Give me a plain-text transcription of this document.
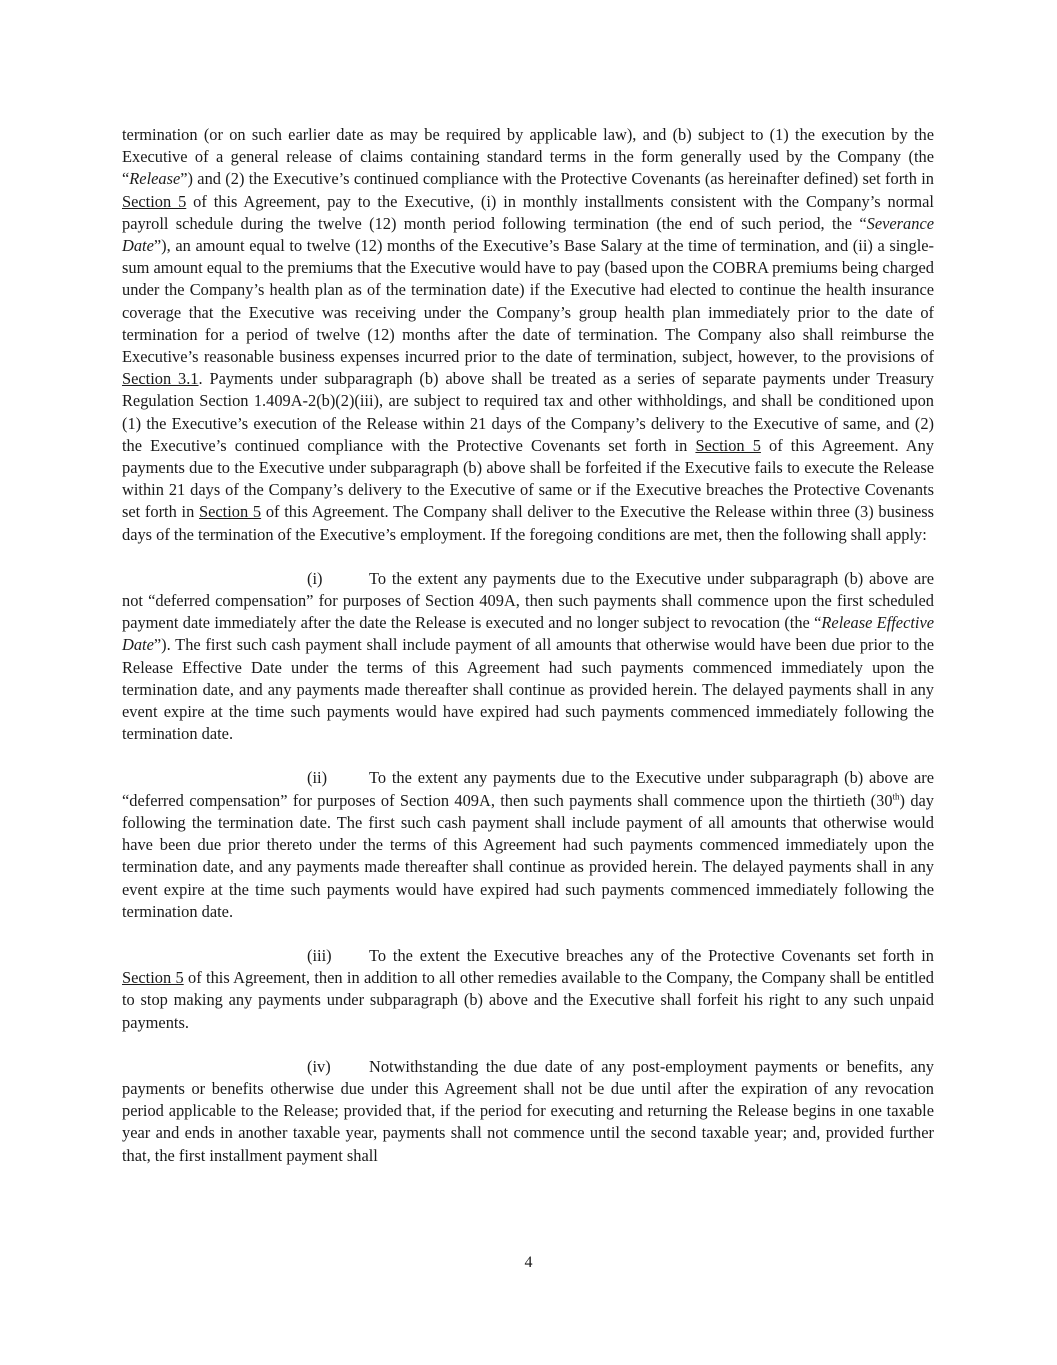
termination (or on such earlier date as may be required by applicable law), and (b) subject to (1) the execution by the Executive of a general release of claims containing standard terms in the form generally used by the Company (the “Release”) and (2) the Executive’s continued compliance with the Protective Covenants (as hereinafter defined) set forth in Section 5 of this Agreement, pay to the Executive, (i) in monthly installments consistent with the Company’s normal payroll schedule during the twelve (12) month period following termination (the end of such period, the “Severance Date”), an amount equal to twelve (12) months of the Executive’s Base Salary at the time of termination, and (ii) a single-sum amount equal to the premiums that the Executive would have to pay (based upon the COBRA premiums being charged under the Company’s health plan as of the termination date) if the Executive had elected to continue the health insurance coverage that the Executive was receiving under the Company’s group health plan immediately prior to the date of termination for a period of twelve (12) months after the date of termination. The Company also shall reimburse the Executive’s reasonable business expenses incurred prior to the date of termination, subject, however, to the provisions of Section 3.1. Payments under subparagraph (b) above shall be treated as a series of separate payments under Treasury Regulation Section 1.409A-2(b)(2)(iii), are subject to required tax and other withholdings, and shall be conditioned upon (1) the Executive’s execution of the Release within 21 days of the Company’s delivery to the Executive of same, and (2) the Executive’s continued compliance with the Protective Covenants set forth in Section 5 of this Agreement. Any payments due to the Executive under subparagraph (b) above shall be forfeited if the Executive fails to execute the Release within 21 days of the Company’s delivery to the Executive of same or if the Executive breaches the Protective Covenants set forth in Section 5 of this Agreement. The Company shall deliver to the Executive the Release within three (3) business days of the termination of the Executive’s employment. If the foregoing conditions are met, then the following shall apply:

(i)	To the extent any payments due to the Executive under subparagraph (b) above are not “deferred compensation” for purposes of Section 409A, then such payments shall commence upon the first scheduled payment date immediately after the date the Release is executed and no longer subject to revocation (the “Release Effective Date”). The first such cash payment shall include payment of all amounts that otherwise would have been due prior to the Release Effective Date under the terms of this Agreement had such payments commenced immediately upon the termination date, and any payments made thereafter shall continue as provided herein. The delayed payments shall in any event expire at the time such payments would have expired had such payments commenced immediately following the termination date.

(ii)	To the extent any payments due to the Executive under subparagraph (b) above are “deferred compensation” for purposes of Section 409A, then such payments shall commence upon the thirtieth (30th) day following the termination date. The first such cash payment shall include payment of all amounts that otherwise would have been due prior thereto under the terms of this Agreement had such payments commenced immediately upon the termination date, and any payments made thereafter shall continue as provided herein. The delayed payments shall in any event expire at the time such payments would have expired had such payments commenced immediately following the termination date.

(iii) To the extent the Executive breaches any of the Protective Covenants set forth in Section 5 of this Agreement, then in addition to all other remedies available to the Company, the Company shall be entitled to stop making any payments under subparagraph (b) above and the Executive shall forfeit his right to any such unpaid payments.

(iv) Notwithstanding the due date of any post-employment payments or benefits, any payments or benefits otherwise due under this Agreement shall not be due until after the expiration of any revocation period applicable to the Release; provided that, if the period for executing and returning the Release begins in one taxable year and ends in another taxable year, payments shall not commence until the second taxable year; and, provided further that, the first installment payment shall

4
